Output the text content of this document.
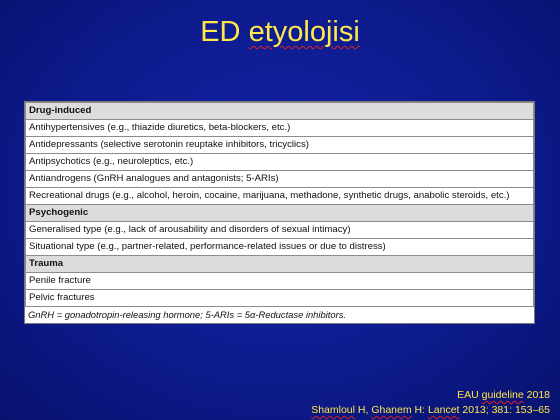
ED etyolojisi
Drug-induced
Antihypertensives (e.g., thiazide diuretics, beta-blockers, etc.)
Antidepressants (selective serotonin reuptake inhibitors, tricyclics)
Antipsychotics (e.g., neuroleptics, etc.)
Antiandrogens (GnRH analogues and antagonists; 5-ARIs)
Recreational drugs (e.g., alcohol, heroin, cocaine, marijuana, methadone, synthetic drugs, anabolic steroids, etc.)
Psychogenic
Generalised type (e.g., lack of arousability and disorders of sexual intimacy)
Situational type (e.g., partner-related, performance-related issues or due to distress)
Trauma
Penile fracture
Pelvic fractures
GnRH = gonadotropin-releasing hormone; 5-ARIs = 5α-Reductase inhibitors.
EAU guideline 2018
Shamloul H, Ghanem H: Lancet 2013; 381: 153–65
